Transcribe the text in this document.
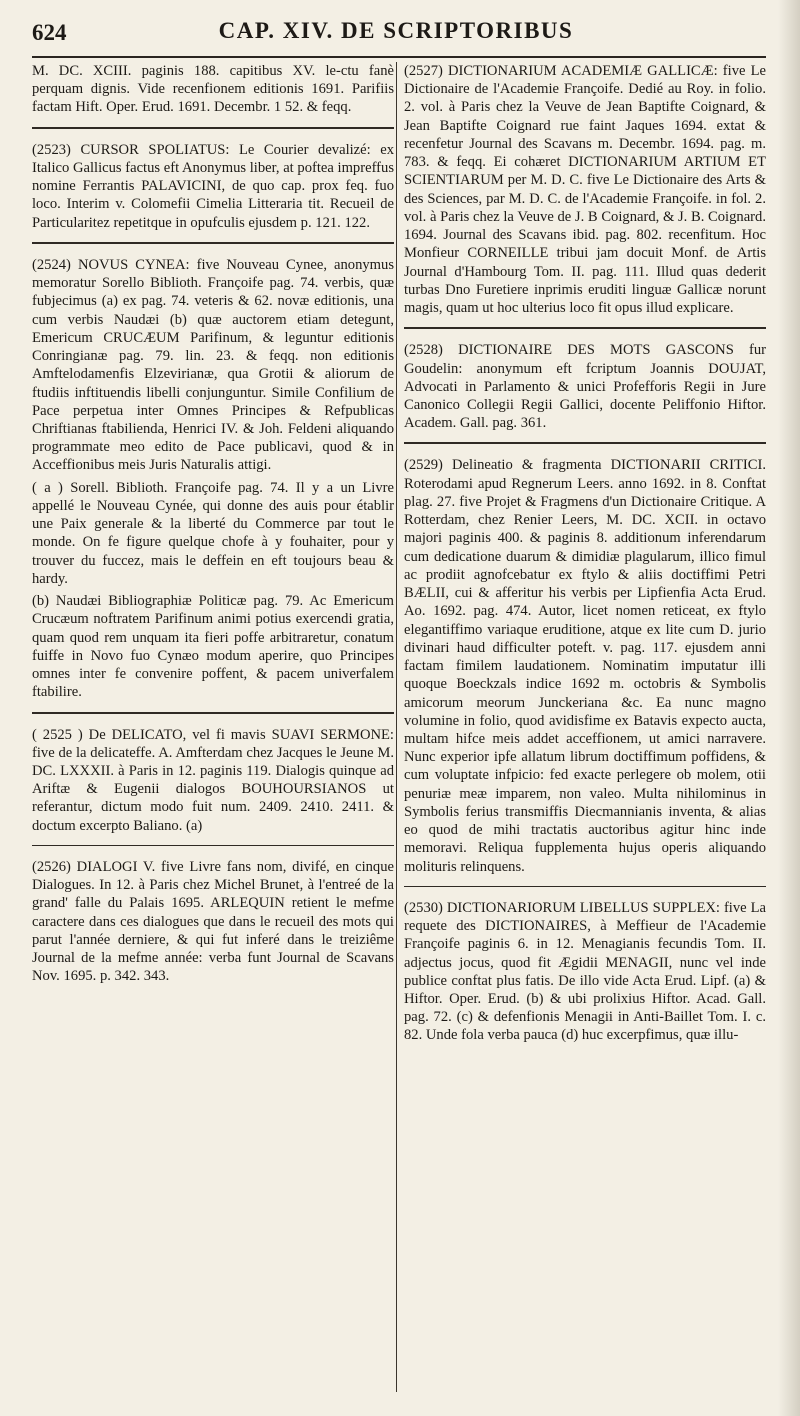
624	CAP. XIV. DE SCRIPTORIBUS

M. DC. XCIII. paginis 188. capitibus XV. le-ctu fanè perquam dignis. Vide recenfionem editionis 1691. Parifiis factam Hift. Oper. Erud. 1691. Decembr. 1 52. & feqq.

(2523) CURSOR SPOLIATUS: Le Courier devalizé: ex Italico Gallicus factus eft Anonymus liber, at poftea impreffus nomine Ferrantis PALAVICINI, de quo cap. prox feq. fuo loco. Interim v. Colomefii Cimelia Litteraria tit. Recueil de Particularitez repetitque in opufculis ejusdem p. 121. 122.

(2524) NOVUS CYNEA: five Nouveau Cynee, anonymus memoratur Sorello Biblioth. Françoife pag. 74. verbis, quæ fubjecimus (a) ex pag. 74. veteris & 62. novæ editionis, una cum verbis Naudæi (b) quæ auctorem etiam detegunt, Emericum CRUCÆUM Parifinum, & leguntur editionis Conringianæ pag. 79. lin. 23. & feqq. non editionis Amftelodamenfis Elzevirianæ, qua Grotii & aliorum de ftudiis inftituendis libelli conjunguntur. Simile Confilium de Pace perpetua inter Omnes Principes & Refpublicas Chriftianas ftabilienda, Henrici IV. & Joh. Feldeni aliquando programmate meo edito de Pace publicavi, quod & in Acceffionibus meis Juris Naturalis attigi.

( a ) Sorell. Biblioth. Françoife pag. 74. Il y a un Livre appellé le Nouveau Cynée, qui donne des auis pour établir une Paix generale & la liberté du Commerce par tout le monde. On fe figure quelque chofe à y fouhaiter, pour y trouver du fuccez, mais le deffein en eft toujours beau & hardy.

(b) Naudæi Bibliographiæ Politicæ pag. 79. Ac Emericum Crucæum noftratem Parifinum animi potius exercendi gratia, quam quod rem unquam ita fieri poffe arbitraretur, conatum fuiffe in Novo fuo Cynæo modum aperire, quo Principes omnes inter fe convenire poffent, & pacem univerfalem ftabilire.

( 2525 ) De DELICATO, vel fi mavis SUAVI SERMONE: five de la delicateffe. A. Amfterdam chez Jacques le Jeune M. DC. LXXXII. à Paris in 12. paginis 119. Dialogis quinque ad Ariftæ & Eugenii dialogos BOUHOURSIANOS ut referantur, dictum modo fuit num. 2409. 2410. 2411. & doctum excerpto Baliano. (a)

(2526) DIALOGI V. five Livre fans nom, divifé, en cinque Dialogues. In 12. à Paris chez Michel Brunet, à l'entreé de la grand' falle du Palais 1695. ARLEQUIN retient le mefme caractere dans ces dialogues que dans le recueil des mots qui parut l'année derniere, & qui fut inferé dans le treiziême Journal de la mefme année: verba funt Journal de Scavans Nov. 1695. p. 342. 343.

(2527) DICTIONARIUM ACADEMIÆ GALLICÆ: five Le Dictionaire de l'Academie Françoife. Dedié au Roy. in folio. 2. vol. à Paris chez la Veuve de Jean Baptifte Coignard, & Jean Baptifte Coignard rue faint Jaques 1694. extat & recenfetur Journal des Scavans m. Decembr. 1694. pag. m. 783. & feqq. Ei cohæret DICTIONARIUM ARTIUM ET SCIENTIARUM per M. D. C. five Le Dictionaire des Arts & des Sciences, par M. D. C. de l'Academie Françoife. in fol. 2. vol. à Paris chez la Veuve de J. B Coignard, & J. B. Coignard. 1694. Journal des Scavans ibid. pag. 802. recenfitum. Hoc Monfieur CORNEILLE tribui jam docuit Monf. de Artis Journal d'Hambourg Tom. II. pag. 111. Illud quas dederit turbas Dno Furetiere inprimis eruditi linguæ Gallicæ norunt magis, quam ut hoc ulterius loco fit opus illud explicare.

(2528) DICTIONAIRE DES MOTS GASCONS fur Goudelin: anonymum eft fcriptum Joannis DOUJAT, Advocati in Parlamento & unici Profefforis Regii in Jure Canonico Collegii Regii Gallici, docente Peliffonio Hiftor. Academ. Gall. pag. 361.

(2529) Delineatio & fragmenta DICTIONARII CRITICI. Roterodami apud Regnerum Leers. anno 1692. in 8. Conftat plag. 27. five Projet & Fragmens d'un Dictionaire Critique. A Rotterdam, chez Renier Leers, M. DC. XCII. in octavo majori paginis 400. & paginis 8. additionum inferendarum cum dedicatione duarum & dimidiæ plagularum, illico fimul ac prodiit agnofcebatur ex ftylo & aliis doctiffimi Petri BÆLII, cui & afferitur his verbis per Lipfienfia Acta Erud. Ao. 1692. pag. 474. Autor, licet nomen reticeat, ex ftylo elegantiffimo variaque eruditione, atque ex lite cum D. jurio divinari haud difficulter poteft. v. pag. 117. ejusdem anni factam fimilem laudationem. Nominatim imputatur illi quoque Boeckzals indice 1692 m. octobris & Symbolis amicorum meorum Junckeriana &c. Ea nunc magno volumine in folio, quod avidisfime ex Batavis expecto aucta, multam hifce meis addet acceffionem, ut amici narravere. Nunc experior ipfe allatum librum doctiffimum poffidens, & cum voluptate infpicio: fed exacte perlegere ob molem, otii penuriæ meæ imparem, non valeo. Multa nihilominus in Symbolis ferius transmiffis Diecmannianis inventa, & alias eo quod de mihi tractatis auctoribus agitur hinc inde memoravi. Reliqua fupplementa hujus operis aliquando molituris relinquens.

(2530) DICTIONARIORUM LIBELLUS SUPPLEX: five La requete des DICTIONAIRES, à Meffieur de l'Academie Françoife paginis 6. in 12. Menagianis fecundis Tom. II. adjectus jocus, quod fit Ægidii MENAGII, nunc vel inde publice conftat plus fatis. De illo vide Acta Erud. Lipf. (a) & Hiftor. Oper. Erud. (b) & ubi prolixius Hiftor. Acad. Gall. pag. 72. (c) & defenfionis Menagii in Anti-Baillet Tom. I. c. 82. Unde fola verba pauca (d) huc excerpfimus, quæ illu-
